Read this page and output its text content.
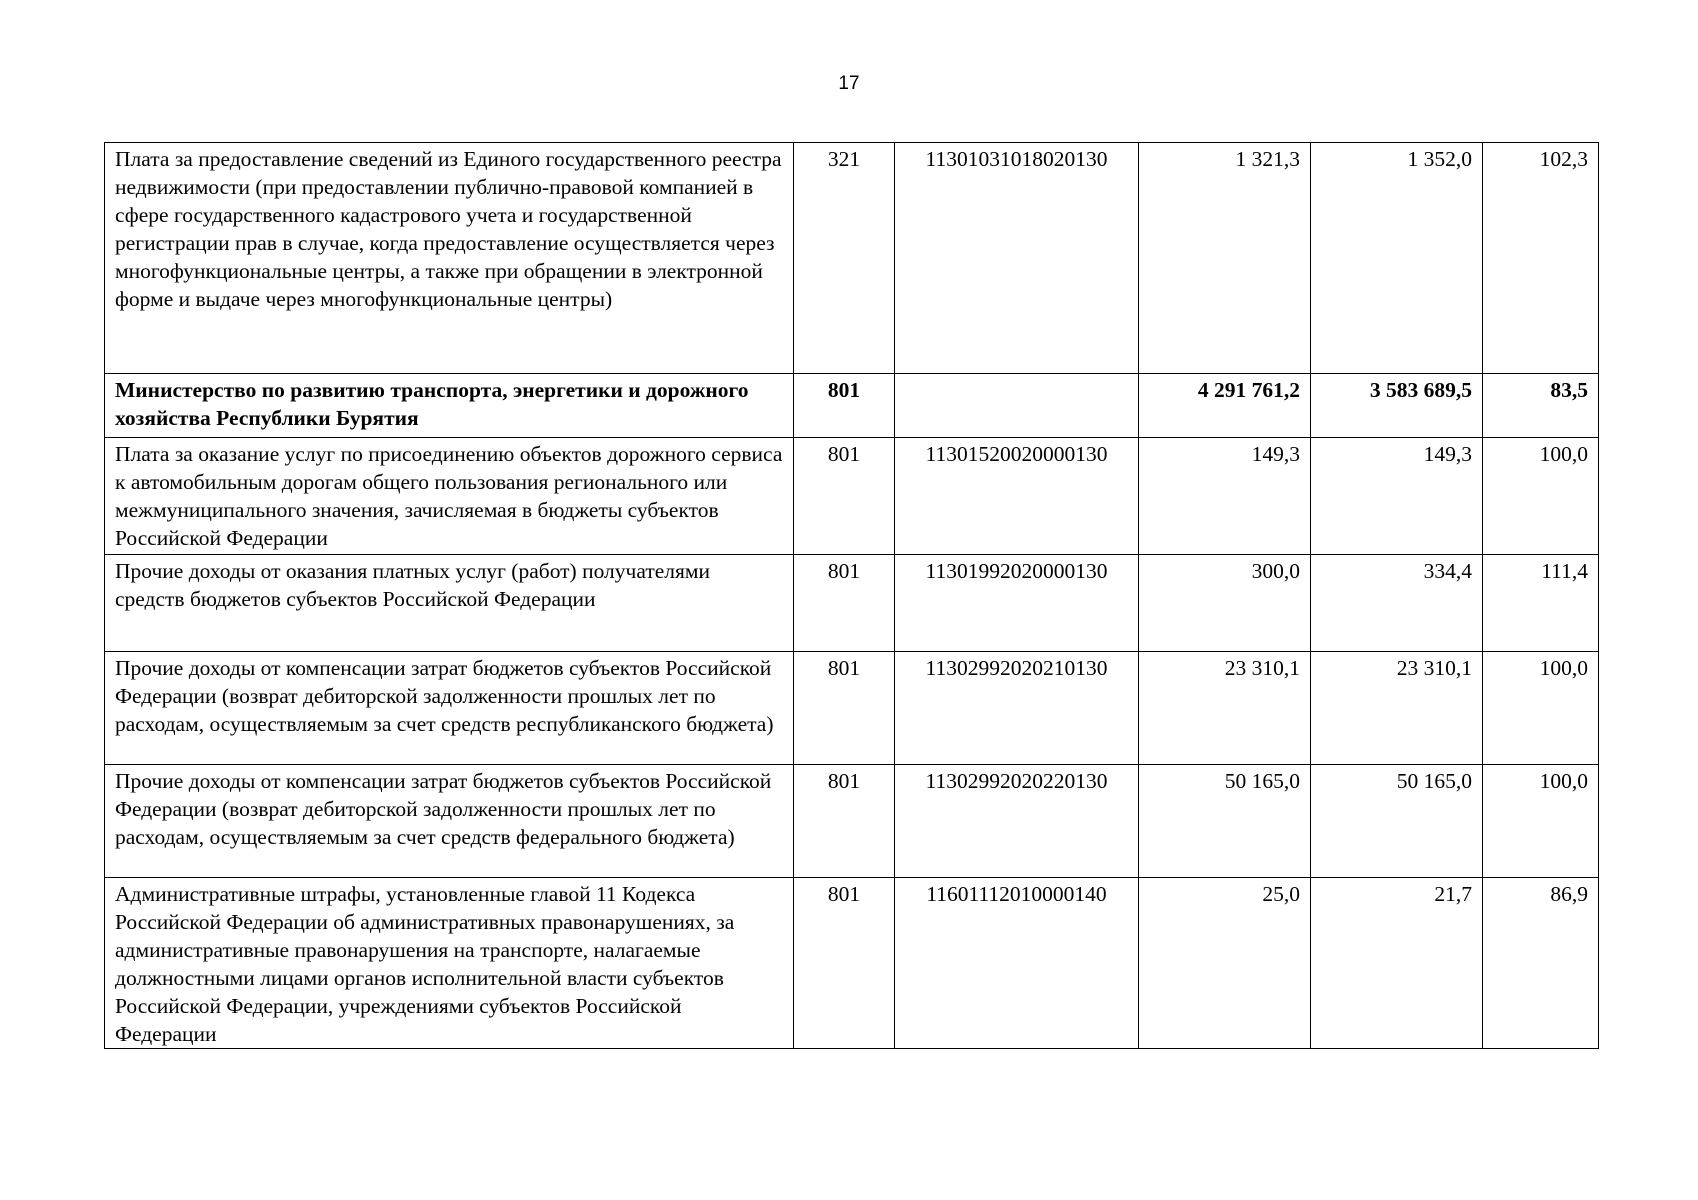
17
Плата за предоставление сведений из Единого государственного реестра недвижимости (при предоставлении публично-правовой компанией в сфере государственного кадастрового учета и государственной регистрации прав в случае, когда предоставление осуществляется через многофункциональные центры, а также при обращении в электронной форме и выдаче через многофункциональные центры)	321	11301031018020130	1 321,3	1 352,0	102,3
Министерство по развитию транспорта, энергетики и дорожного хозяйства Республики Бурятия	801		4 291 761,2	3 583 689,5	83,5
Плата за оказание услуг по присоединению объектов дорожного сервиса к автомобильным дорогам общего пользования регионального или межмуниципального значения, зачисляемая в бюджеты субъектов Российской Федерации	801	11301520020000130	149,3	149,3	100,0
Прочие доходы от оказания платных услуг (работ) получателями средств бюджетов субъектов Российской Федерации	801	11301992020000130	300,0	334,4	111,4
Прочие доходы от компенсации затрат бюджетов субъектов Российской Федерации (возврат дебиторской задолженности прошлых лет по расходам, осуществляемым за счет средств республиканского бюджета)	801	11302992020210130	23 310,1	23 310,1	100,0
Прочие доходы от компенсации затрат бюджетов субъектов Российской Федерации (возврат дебиторской задолженности прошлых лет по расходам, осуществляемым за счет средств федерального бюджета)	801	11302992020220130	50 165,0	50 165,0	100,0
Административные штрафы, установленные главой 11 Кодекса Российской Федерации об административных правонарушениях, за административные правонарушения на транспорте, налагаемые должностными лицами органов исполнительной власти субъектов Российской Федерации, учреждениями субъектов Российской Федерации	801	11601112010000140	25,0	21,7	86,9
